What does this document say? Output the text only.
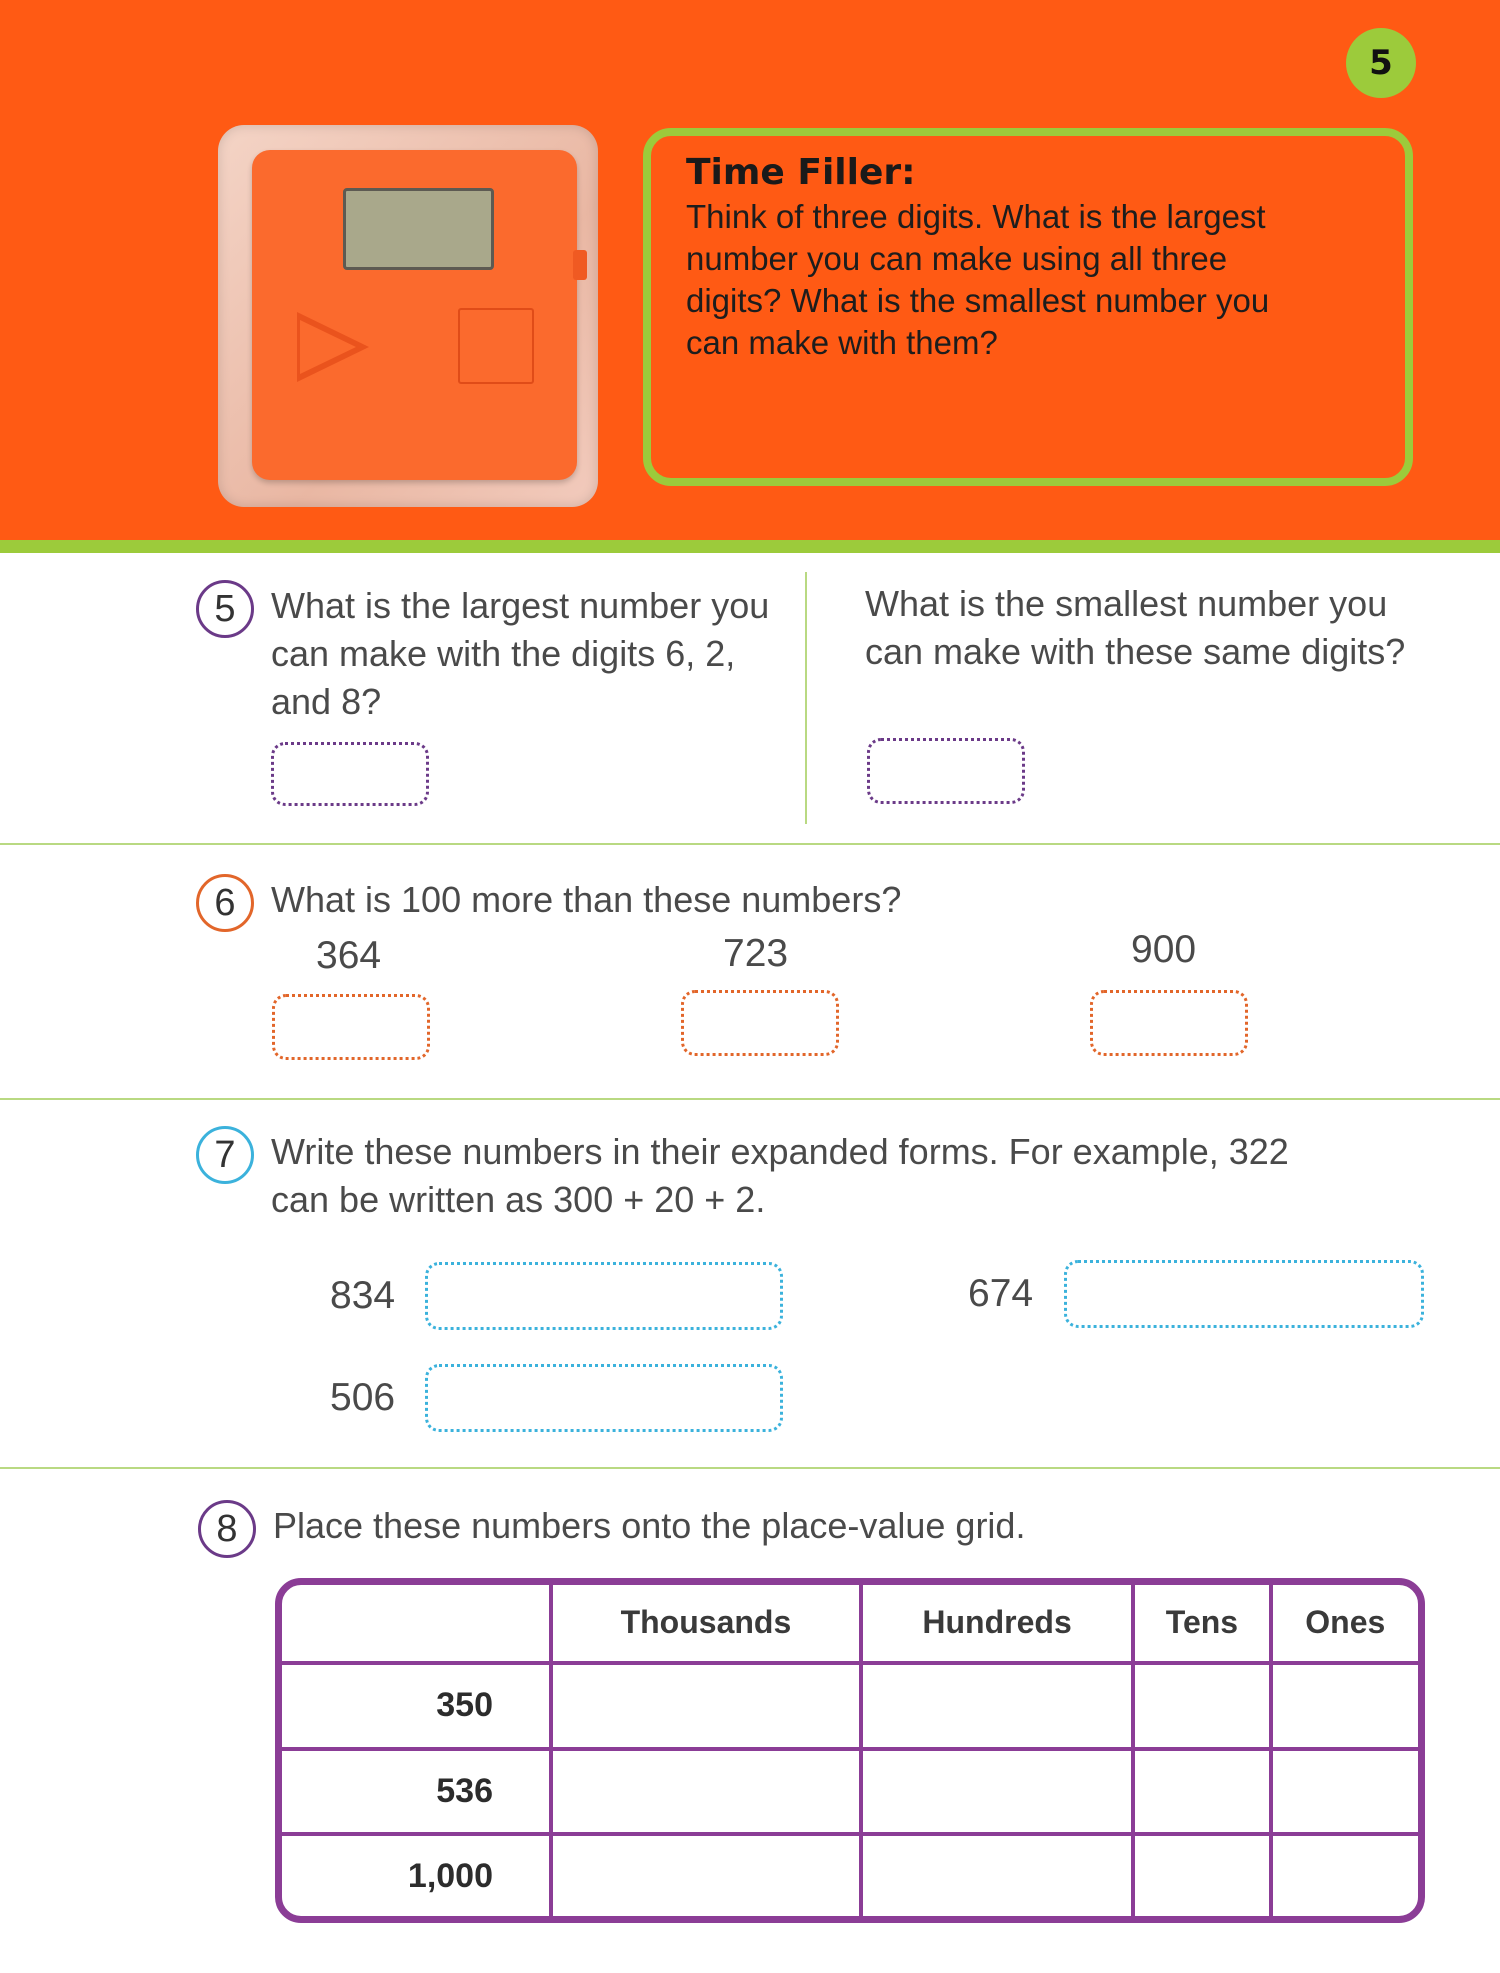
5
Time Filler:
Think of three digits. What is the largest number you can make using all three digits? What is the smallest number you can make with them?
5 What is the largest number you can make with the digits 6, 2, and 8?
What is the smallest number you can make with these same digits?
6 What is 100 more than these numbers?
364	723	900
7 Write these numbers in their expanded forms. For example, 322 can be written as 300 + 20 + 2.
834	674
506
8 Place these numbers onto the place-value grid.
	Thousands	Hundreds	Tens	Ones
350				
536				
1,000				
